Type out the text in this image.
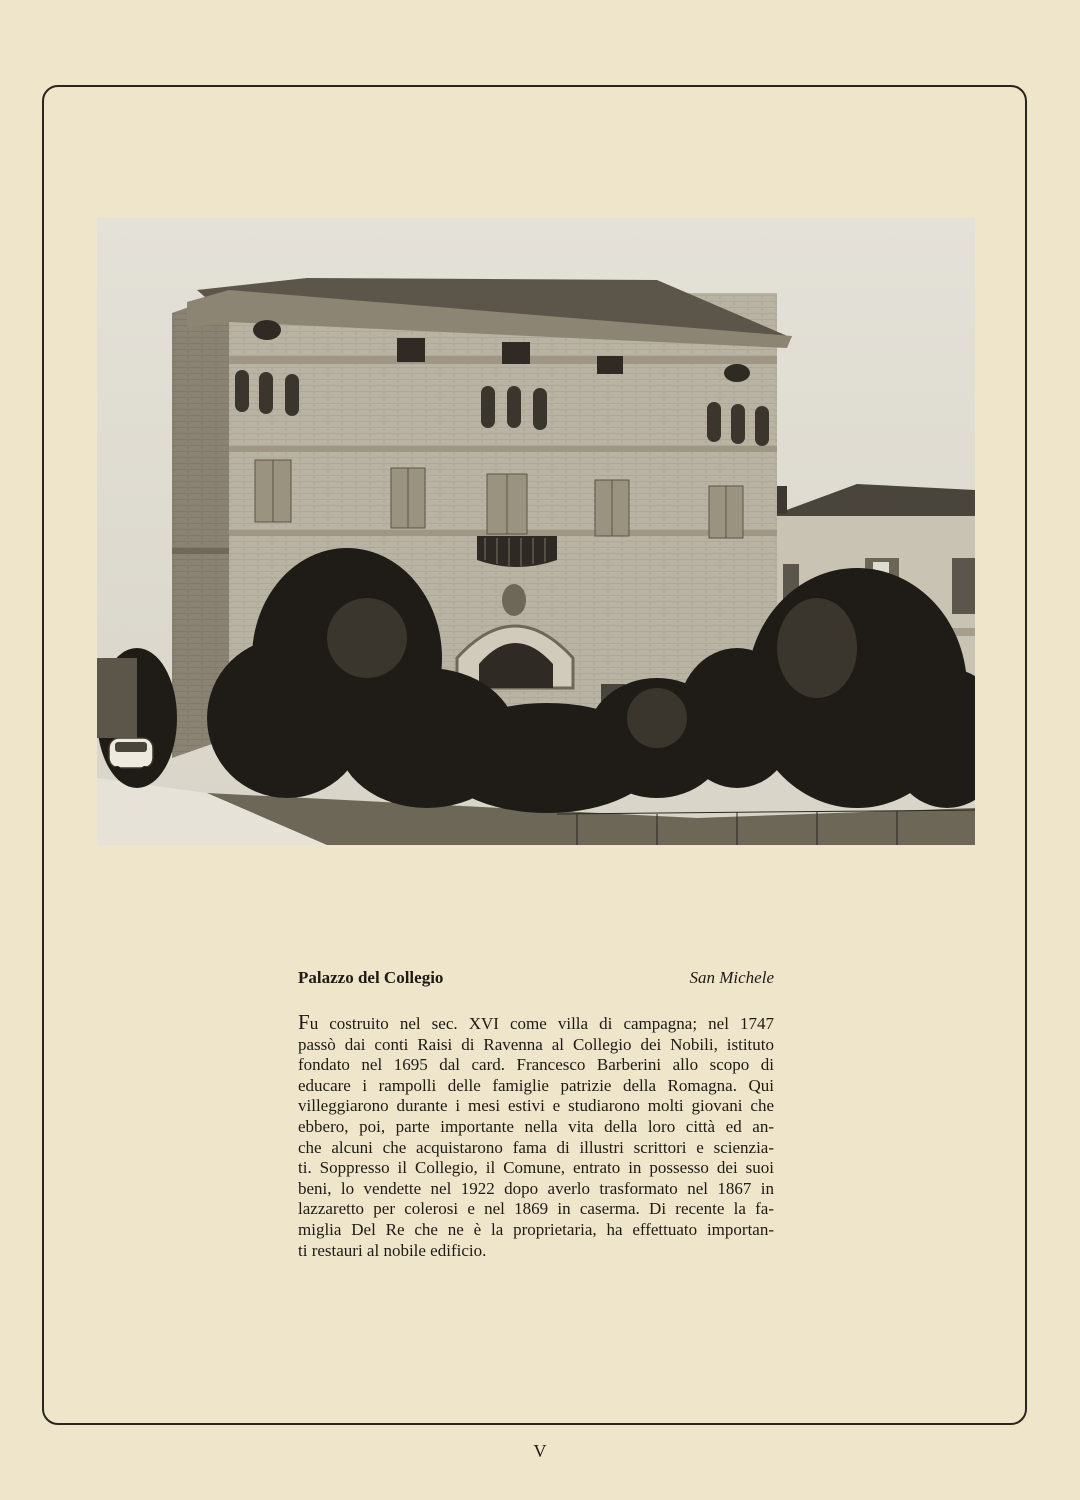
Palazzo del Collegio	San Michele
Fu costruito nel sec. XVI come villa di campagna; nel 1747
passò dai conti Raisi di Ravenna al Collegio dei Nobili, istituto
fondato nel 1695 dal card. Francesco Barberini allo scopo di
educare i rampolli delle famiglie patrizie della Romagna. Qui
villeggiarono durante i mesi estivi e studiarono molti giovani che
ebbero, poi, parte importante nella vita della loro città ed an-
che alcuni che acquistarono fama di illustri scrittori e scienzia-
ti. Soppresso il Collegio, il Comune, entrato in possesso dei suoi
beni, lo vendette nel 1922 dopo averlo trasformato nel 1867 in
lazzaretto per colerosi e nel 1869 in caserma. Di recente la fa-
miglia Del Re che ne è la proprietaria, ha effettuato importan-
ti restauri al nobile edificio.
V
